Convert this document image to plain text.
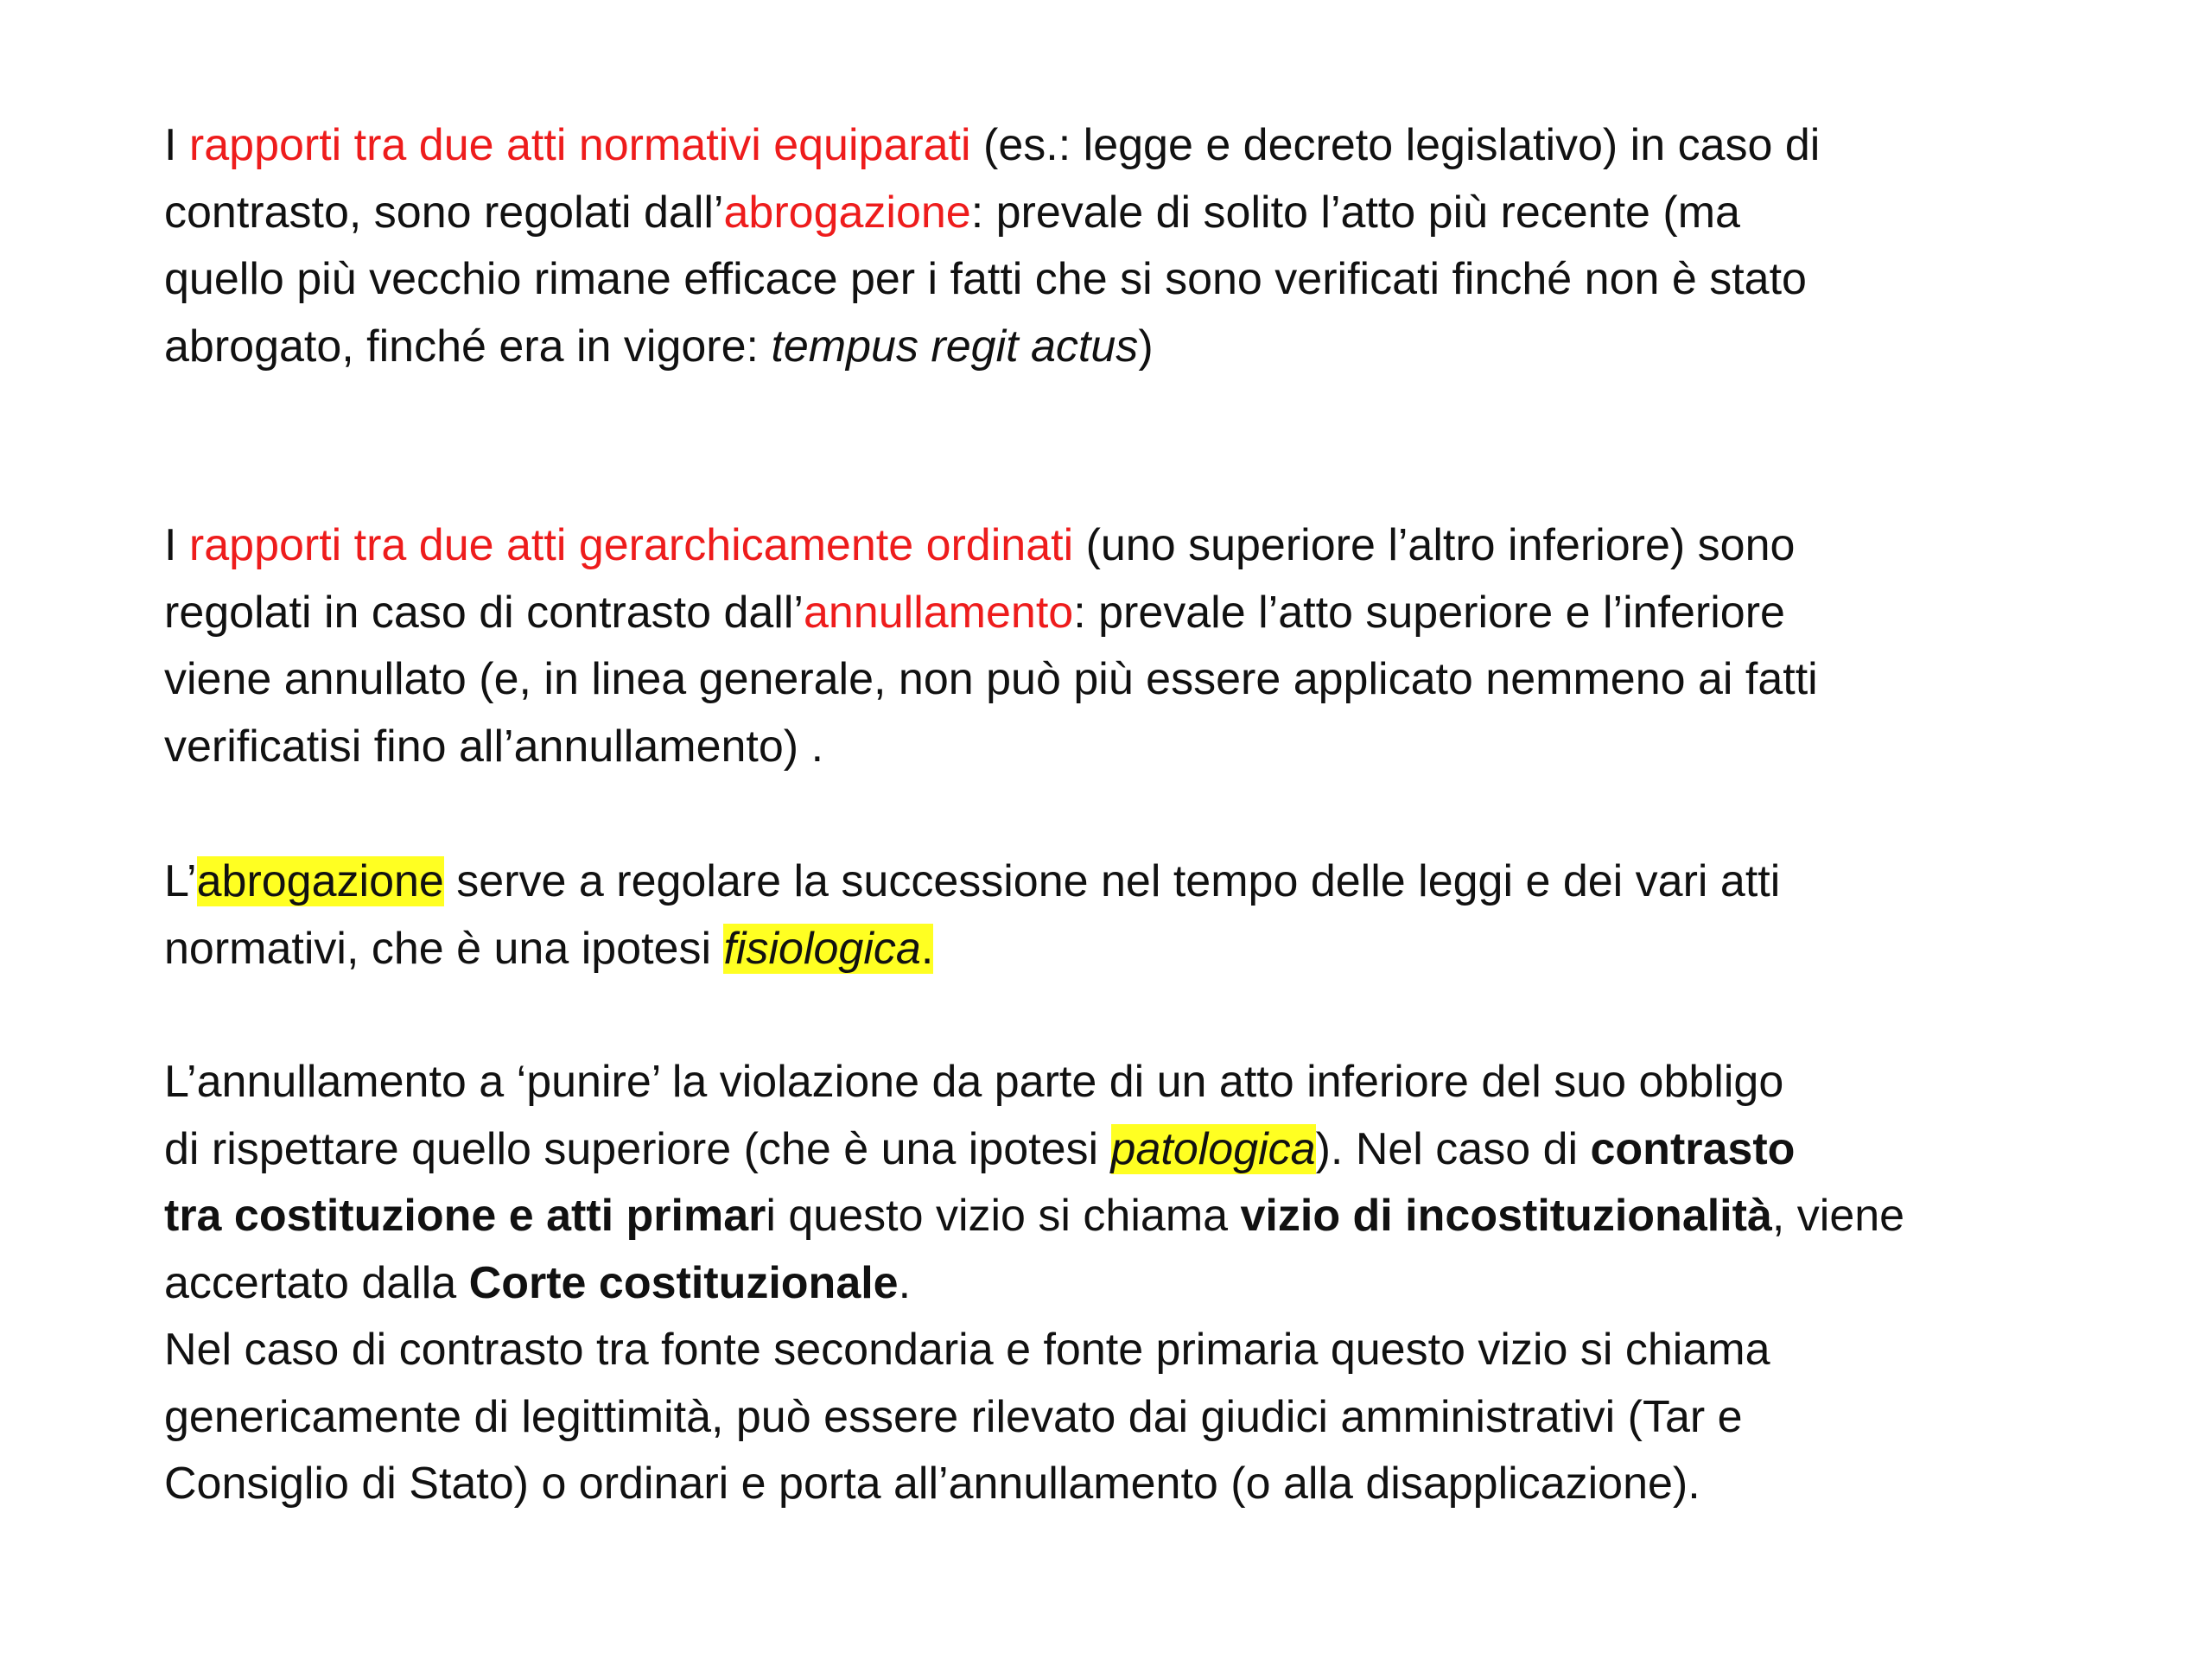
I rapporti tra due atti normativi equiparati (es.: legge e decreto legislativo) in caso di
contrasto, sono regolati dall’abrogazione: prevale di solito l’atto più recente (ma
quello più vecchio rimane efficace per i fatti che si sono verificati finché non è stato
abrogato, finché era in vigore: tempus regit actus)

I rapporti tra due atti gerarchicamente ordinati (uno superiore l’altro inferiore) sono
regolati in caso di contrasto dall’annullamento: prevale l’atto superiore e l’inferiore
viene annullato (e, in linea generale, non può più essere applicato nemmeno ai fatti
verificatisi fino all’annullamento) .

L’abrogazione serve a regolare la successione nel tempo delle leggi e dei vari atti
normativi, che è una ipotesi fisiologica.

L’annullamento a ‘punire’ la violazione da parte di un atto inferiore del suo obbligo
di rispettare quello superiore (che è una ipotesi patologica). Nel caso di contrasto
tra costituzione e atti primari questo vizio si chiama vizio di incostituzionalità, viene
accertato dalla Corte costituzionale.
Nel caso di contrasto tra fonte secondaria e fonte primaria questo vizio si chiama
genericamente di legittimità, può essere rilevato dai giudici amministrativi (Tar e
Consiglio di Stato) o ordinari e porta all’annullamento (o alla disapplicazione).
